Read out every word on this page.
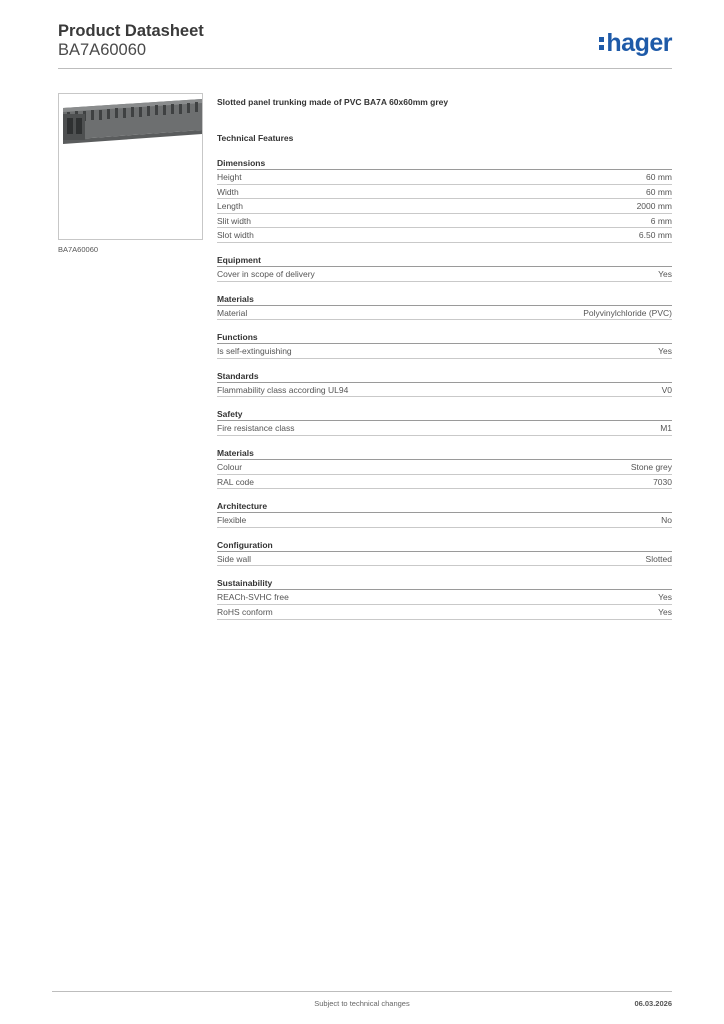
Product Datasheet
BA7A60060	hager
BA7A60060
Slotted panel trunking made of PVC BA7A 60x60mm grey
Technical Features
Dimensions
Height	60 mm
Width	60 mm
Length	2000 mm
Slit width	6 mm
Slot width	6.50 mm
Equipment
Cover in scope of delivery	Yes
Materials
Material	Polyvinylchloride (PVC)
Functions
Is self-extinguishing	Yes
Standards
Flammability class according UL94	V0
Safety
Fire resistance class	M1
Materials
Colour	Stone grey
RAL code	7030
Architecture
Flexible	No
Configuration
Side wall	Slotted
Sustainability
REACh-SVHC free	Yes
RoHS conform	Yes
Subject to technical changes	06.03.2026
